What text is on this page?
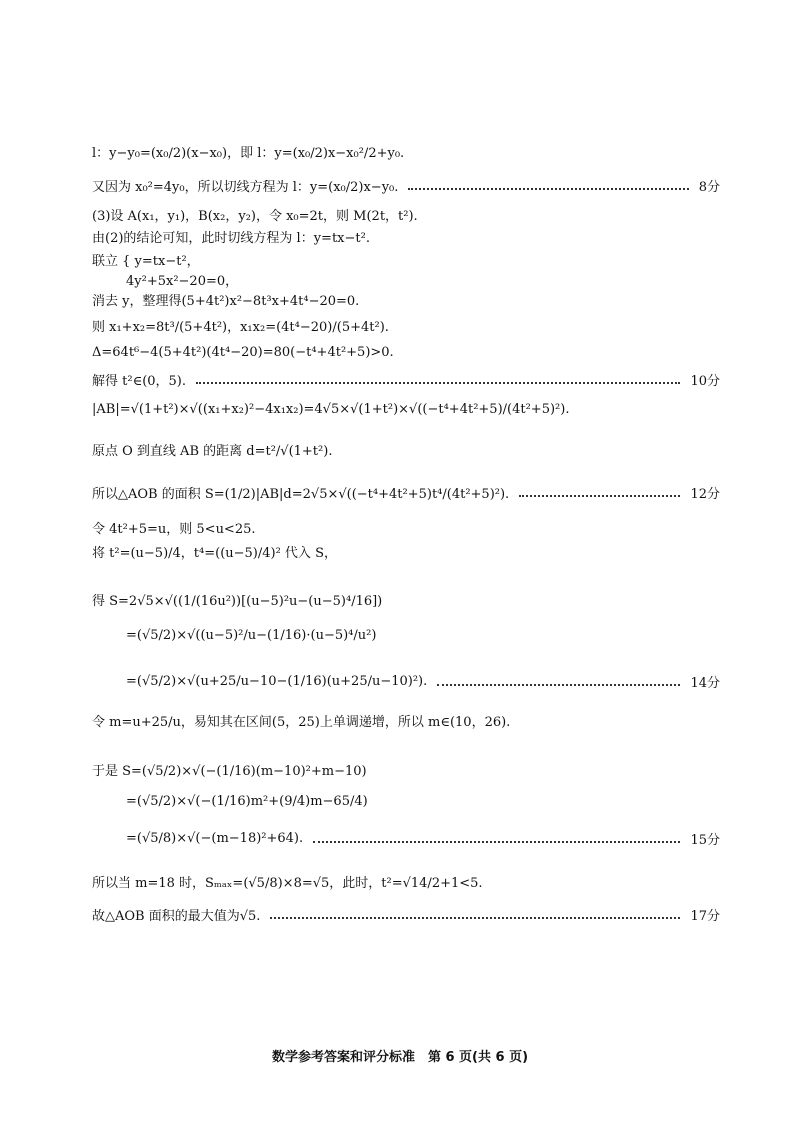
l：y−y₀=(x₀/2)(x−x₀)，即 l：y=(x₀/2)x−x₀²/2+y₀.
又因为 x₀²=4y₀，所以切线方程为 l：y=(x₀/2)x−y₀.	8分
(3)设 A(x₁，y₁)，B(x₂，y₂)，令 x₀=2t，则 M(2t，t²).
由(2)的结论可知，此时切线方程为 l：y=tx−t².
联立 { y=tx−t²，
4y²+5x²−20=0，
消去 y，整理得(5+4t²)x²−8t³x+4t⁴−20=0.
则 x₁+x₂=8t³/(5+4t²)，x₁x₂=(4t⁴−20)/(5+4t²).
Δ=64t⁶−4(5+4t²)(4t⁴−20)=80(−t⁴+4t²+5)>0.
解得 t²∈(0，5).	10分
|AB|=√(1+t²)×√((x₁+x₂)²−4x₁x₂)=4√5×√(1+t²)×√((−t⁴+4t²+5)/(4t²+5)²).
原点 O 到直线 AB 的距离 d=t²/√(1+t²).
所以△AOB 的面积 S=(1/2)|AB|d=2√5×√((−t⁴+4t²+5)t⁴/(4t²+5)²).	12分
令 4t²+5=u，则 5<u<25.
将 t²=(u−5)/4，t⁴=((u−5)/4)² 代入 S，
得 S=2√5×√((1/(16u²))[(u−5)²u−(u−5)⁴/16])
=(√5/2)×√((u−5)²/u−(1/16)·(u−5)⁴/u²)
=(√5/2)×√(u+25/u−10−(1/16)(u+25/u−10)²).	14分
令 m=u+25/u，易知其在区间(5，25)上单调递增，所以 m∈(10，26).
于是 S=(√5/2)×√(−(1/16)(m−10)²+m−10)
=(√5/2)×√(−(1/16)m²+(9/4)m−65/4)
=(√5/8)×√(−(m−18)²+64).	15分
所以当 m=18 时，Sₘₐₓ=(√5/8)×8=√5，此时，t²=√14/2+1<5.
故△AOB 面积的最大值为√5.	17分
数学参考答案和评分标准　第 6 页(共 6 页)
